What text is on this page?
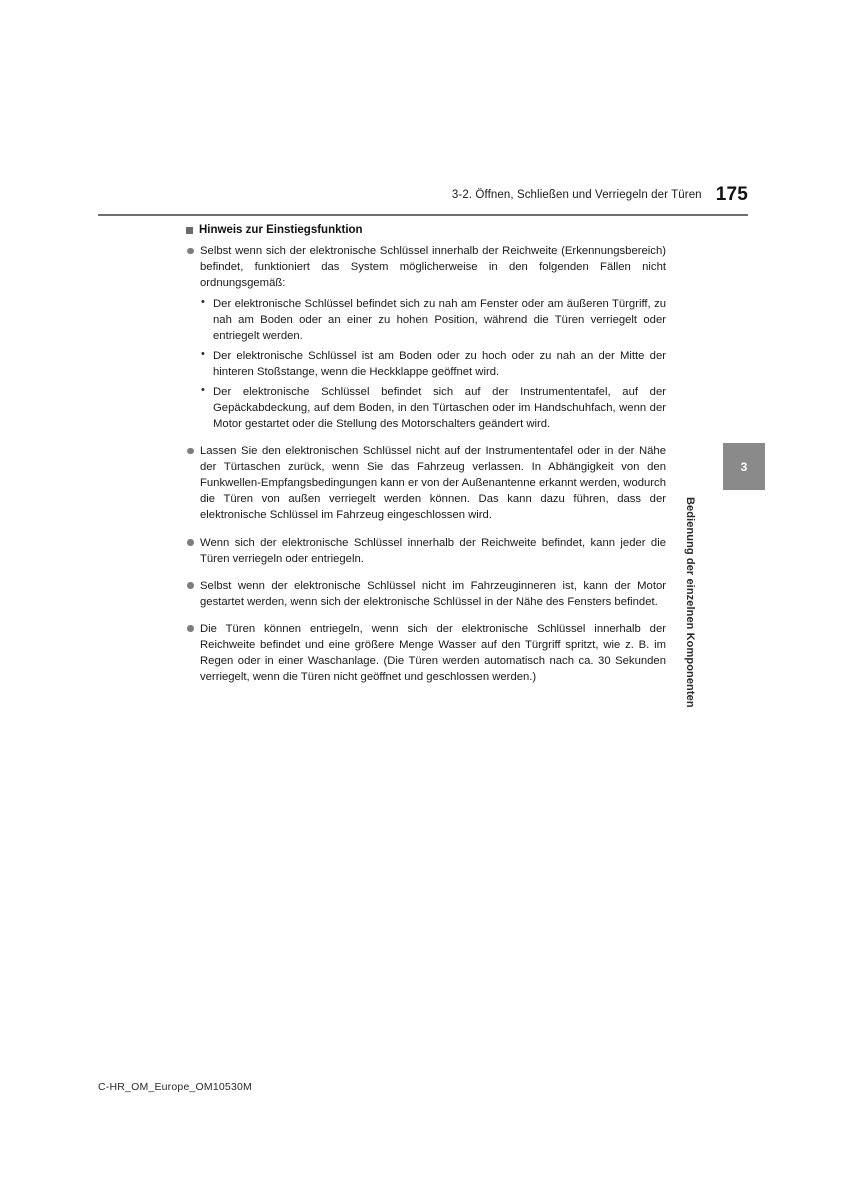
3-2. Öffnen, Schließen und Verriegeln der Türen 175
Hinweis zur Einstiegsfunktion
Selbst wenn sich der elektronische Schlüssel innerhalb der Reichweite (Erkennungsbereich) befindet, funktioniert das System möglicherweise in den folgenden Fällen nicht ordnungsgemäß:
• Der elektronische Schlüssel befindet sich zu nah am Fenster oder am äußeren Türgriff, zu nah am Boden oder an einer zu hohen Position, während die Türen verriegelt oder entriegelt werden.
• Der elektronische Schlüssel ist am Boden oder zu hoch oder zu nah an der Mitte der hinteren Stoßstange, wenn die Heckklappe geöffnet wird.
• Der elektronische Schlüssel befindet sich auf der Instrumententafel, auf der Gepäckabdeckung, auf dem Boden, in den Türtaschen oder im Handschuhfach, wenn der Motor gestartet oder die Stellung des Motorschalters geändert wird.
Lassen Sie den elektronischen Schlüssel nicht auf der Instrumententafel oder in der Nähe der Türtaschen zurück, wenn Sie das Fahrzeug verlassen. In Abhängigkeit von den Funkwellen-Empfangsbedingungen kann er von der Außenantenne erkannt werden, wodurch die Türen von außen verriegelt werden können. Das kann dazu führen, dass der elektronische Schlüssel im Fahrzeug eingeschlossen wird.
Wenn sich der elektronische Schlüssel innerhalb der Reichweite befindet, kann jeder die Türen verriegeln oder entriegeln.
Selbst wenn der elektronische Schlüssel nicht im Fahrzeuginneren ist, kann der Motor gestartet werden, wenn sich der elektronische Schlüssel in der Nähe des Fensters befindet.
Die Türen können entriegeln, wenn sich der elektronische Schlüssel innerhalb der Reichweite befindet und eine größere Menge Wasser auf den Türgriff spritzt, wie z. B. im Regen oder in einer Waschanlage. (Die Türen werden automatisch nach ca. 30 Sekunden verriegelt, wenn die Türen nicht geöffnet und geschlossen werden.)
3
Bedienung der einzelnen Komponenten
C-HR_OM_Europe_OM10530M
